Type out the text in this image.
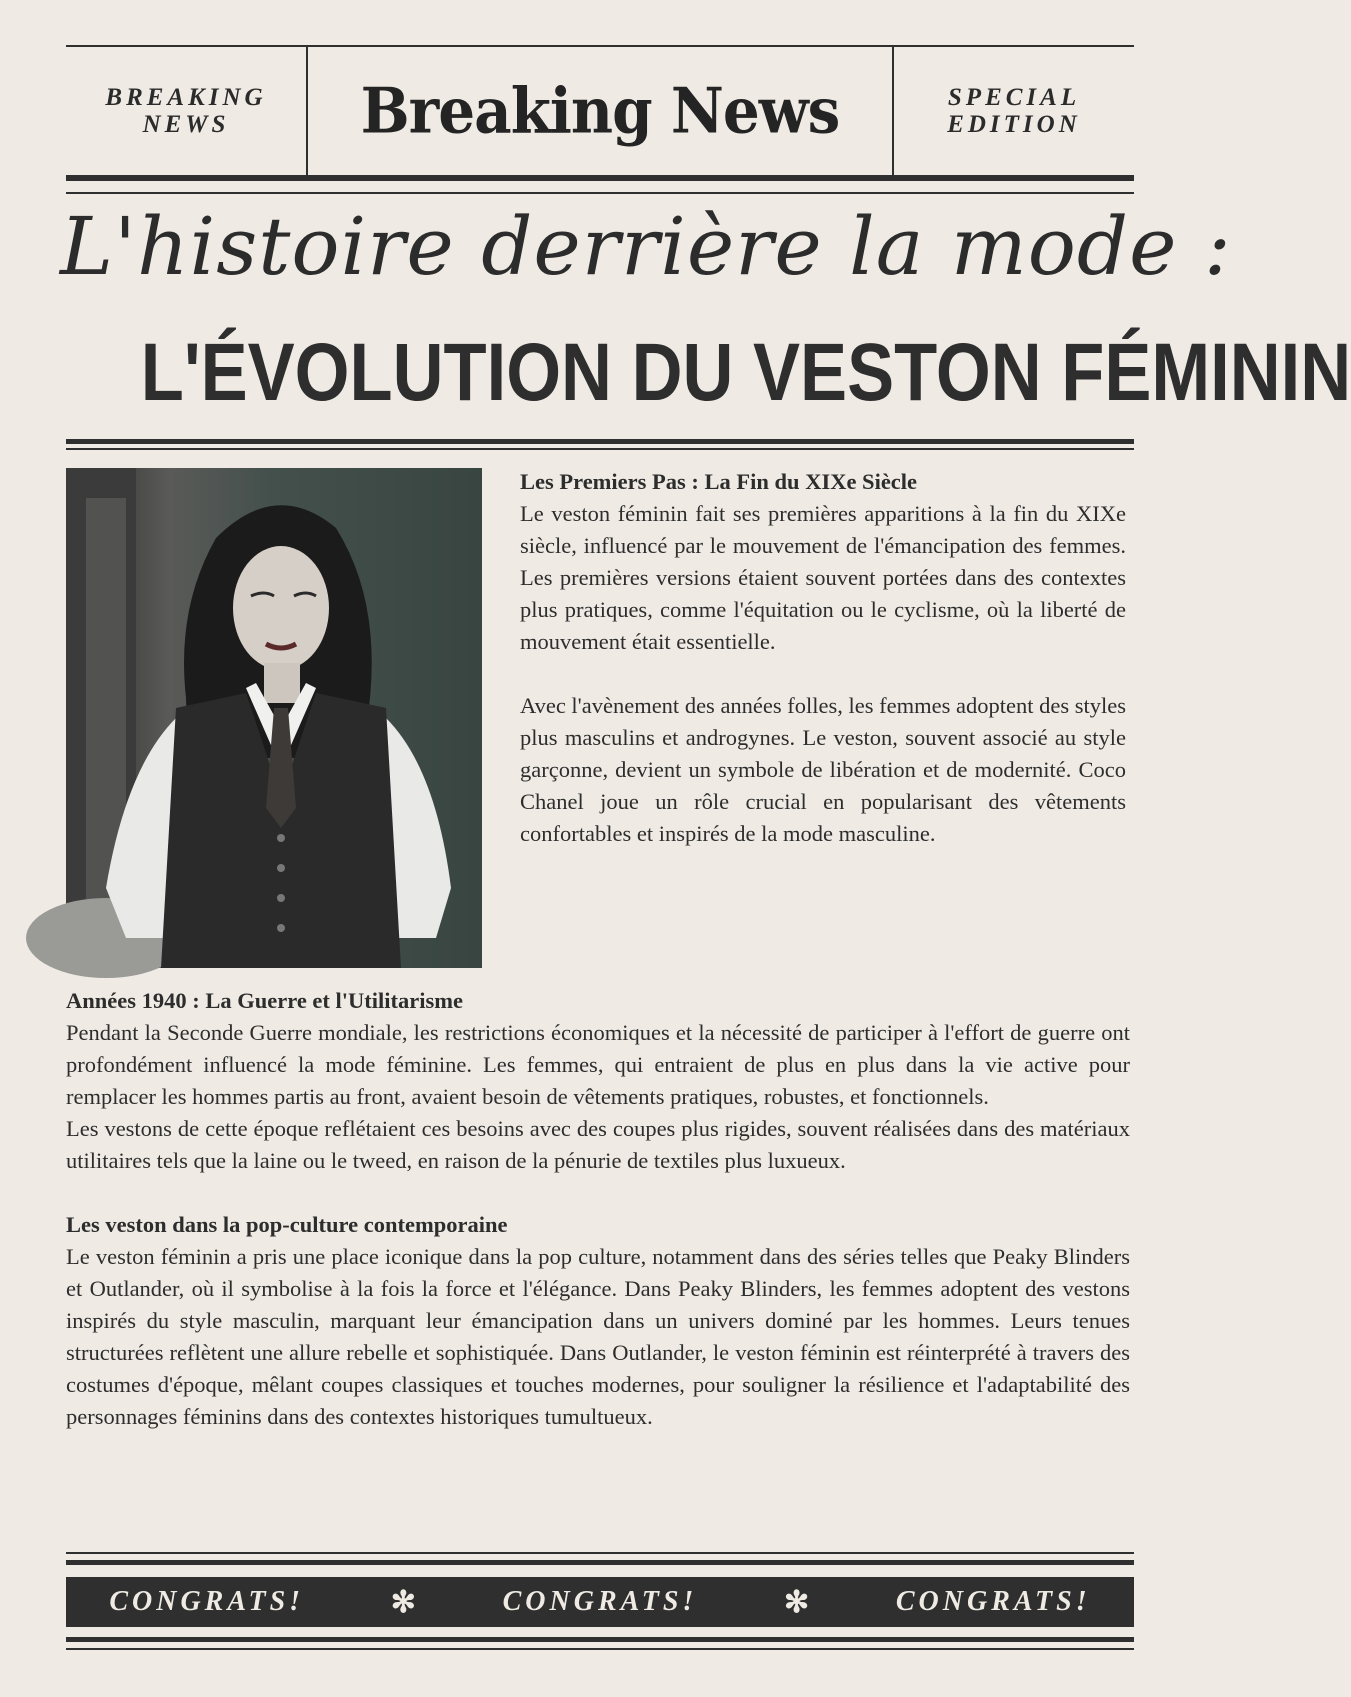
BREAKING
NEWS	Breaking News	SPECIAL
EDITION
L'histoire derrière la mode :
L'ÉVOLUTION DU VESTON FÉMININ
Les Premiers Pas : La Fin du XIXe Siècle

Le veston féminin fait ses premières apparitions à la fin du XIXe siècle, influencé par le mouvement de l'émancipation des femmes. Les premières versions étaient souvent portées dans des contextes plus pratiques, comme l'équitation ou le cyclisme, où la liberté de mouvement était essentielle.

Avec l'avènement des années folles, les femmes adoptent des styles plus masculins et androgynes. Le veston, souvent associé au style garçonne, devient un symbole de libération et de modernité. Coco Chanel joue un rôle crucial en popularisant des vêtements confortables et inspirés de la mode masculine.

Années 1940 : La Guerre et l'Utilitarisme

Pendant la Seconde Guerre mondiale, les restrictions économiques et la nécessité de participer à l'effort de guerre ont profondément influencé la mode féminine. Les femmes, qui entraient de plus en plus dans la vie active pour remplacer les hommes partis au front, avaient besoin de vêtements pratiques, robustes, et fonctionnels.

Les vestons de cette époque reflétaient ces besoins avec des coupes plus rigides, souvent réalisées dans des matériaux utilitaires tels que la laine ou le tweed, en raison de la pénurie de textiles plus luxueux.

Les veston dans la pop-culture contemporaine

Le veston féminin a pris une place iconique dans la pop culture, notamment dans des séries telles que Peaky Blinders et Outlander, où il symbolise à la fois la force et l'élégance. Dans Peaky Blinders, les femmes adoptent des vestons inspirés du style masculin, marquant leur émancipation dans un univers dominé par les hommes. Leurs tenues structurées reflètent une allure rebelle et sophistiquée. Dans Outlander, le veston féminin est réinterprété à travers des costumes d'époque, mêlant coupes classiques et touches modernes, pour souligner la résilience et l'adaptabilité des personnages féminins dans des contextes historiques tumultueux.

CONGRATS!	✻	CONGRATS!	✻	CONGRATS!
